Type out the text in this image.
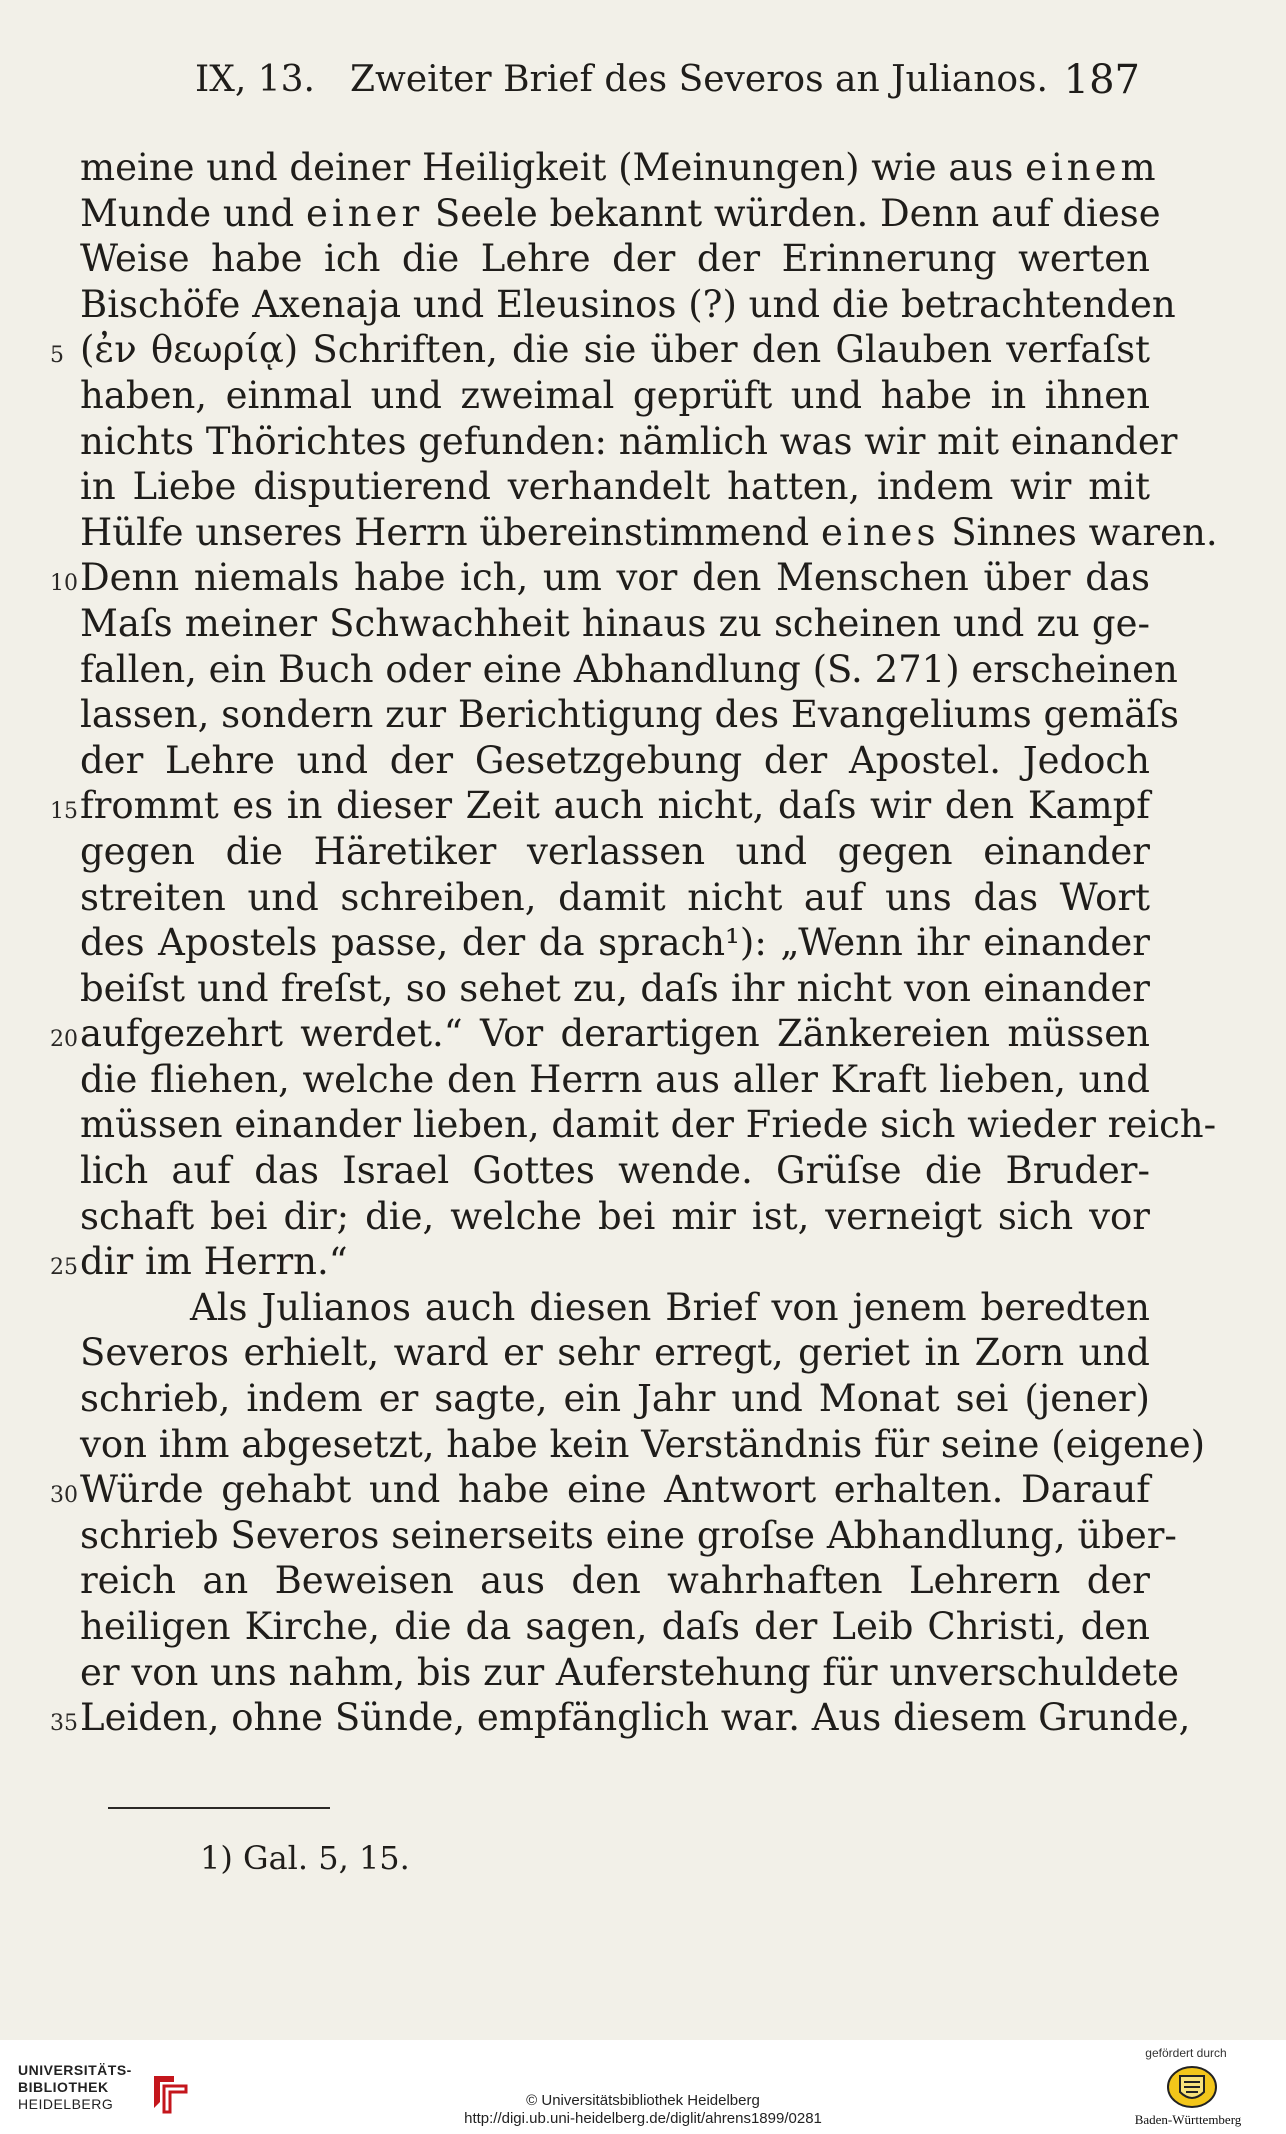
IX, 13. Zweiter Brief des Severos an Julianos. 187
meine und deiner Heiligkeit (Meinungen) wie aus einem
Munde und einer Seele bekannt würden. Denn auf diese
Weise habe ich die Lehre der der Erinnerung werten
Bischöfe Axenaja und Eleusinos (?) und die betrachtenden
5 (ἐν θεωρίᾳ) Schriften, die sie über den Glauben verfaſst
haben, einmal und zweimal geprüft und habe in ihnen
nichts Thörichtes gefunden: nämlich was wir mit einander
in Liebe disputierend verhandelt hatten, indem wir mit
Hülfe unseres Herrn übereinstimmend eines Sinnes waren.
10 Denn niemals habe ich, um vor den Menschen über das
Maſs meiner Schwachheit hinaus zu scheinen und zu ge-
fallen, ein Buch oder eine Abhandlung (S. 271) erscheinen
lassen, sondern zur Berichtigung des Evangeliums gemäſs
der Lehre und der Gesetzgebung der Apostel. Jedoch
15 frommt es in dieser Zeit auch nicht, daſs wir den Kampf
gegen die Häretiker verlassen und gegen einander
streiten und schreiben, damit nicht auf uns das Wort
des Apostels passe, der da sprach¹): „Wenn ihr einander
beiſst und freſst, so sehet zu, daſs ihr nicht von einander
20 aufgezehrt werdet.“ Vor derartigen Zänkereien müssen
die fliehen, welche den Herrn aus aller Kraft lieben, und
müssen einander lieben, damit der Friede sich wieder reich-
lich auf das Israel Gottes wende. Grüſse die Bruder-
schaft bei dir; die, welche bei mir ist, verneigt sich vor
25 dir im Herrn.“
Als Julianos auch diesen Brief von jenem beredten
Severos erhielt, ward er sehr erregt, geriet in Zorn und
schrieb, indem er sagte, ein Jahr und Monat sei (jener)
von ihm abgesetzt, habe kein Verständnis für seine (eigene)
30 Würde gehabt und habe eine Antwort erhalten. Darauf
schrieb Severos seinerseits eine groſse Abhandlung, über-
reich an Beweisen aus den wahrhaften Lehrern der
heiligen Kirche, die da sagen, daſs der Leib Christi, den
er von uns nahm, bis zur Auferstehung für unverschuldete
35 Leiden, ohne Sünde, empfänglich war. Aus diesem Grunde,
1) Gal. 5, 15.
UNIVERSITÄTS-
BIBLIOTHEK
HEIDELBERG	© Universitätsbibliothek Heidelberg
http://digi.ub.uni-heidelberg.de/diglit/ahrens1899/0281
gefördert durch
Baden-Württemberg
